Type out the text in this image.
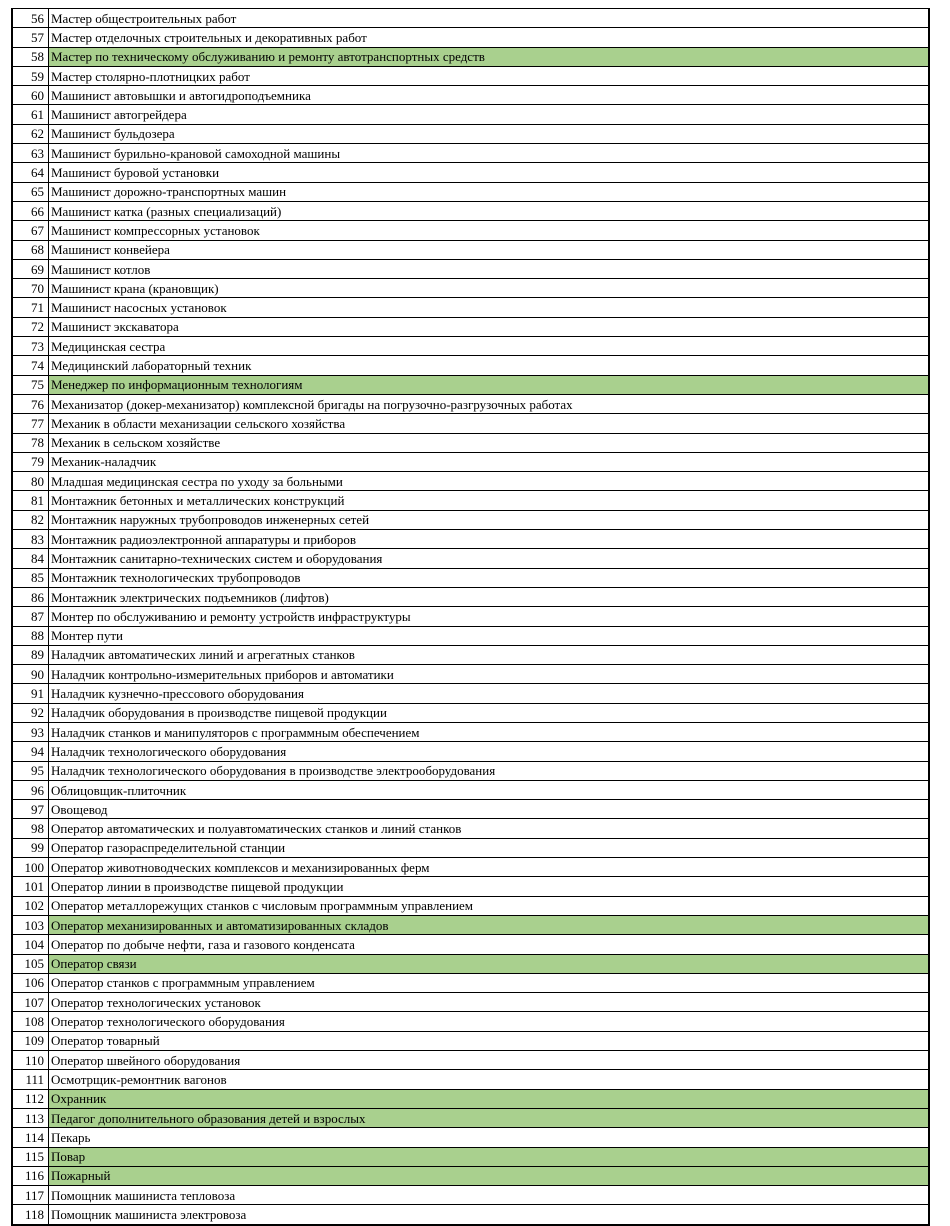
56	Мастер общестроительных работ
57	Мастер отделочных строительных и декоративных работ
58	Мастер по техническому обслуживанию и ремонту автотранспортных средств
59	Мастер столярно-плотницких работ
60	Машинист автовышки и автогидроподъемника
61	Машинист автогрейдера
62	Машинист бульдозера
63	Машинист бурильно-крановой самоходной машины
64	Машинист буровой установки
65	Машинист дорожно-транспортных машин
66	Машинист катка (разных специализаций)
67	Машинист компрессорных установок
68	Машинист конвейера
69	Машинист котлов
70	Машинист крана (крановщик)
71	Машинист насосных установок
72	Машинист экскаватора
73	Медицинская сестра
74	Медицинский лабораторный техник
75	Менеджер по информационным технологиям
76	Механизатор (докер-механизатор) комплексной бригады на погрузочно-разгрузочных работах
77	Механик в области механизации сельского хозяйства
78	Механик в сельском хозяйстве
79	Механик-наладчик
80	Младшая медицинская сестра по уходу за больными
81	Монтажник бетонных и металлических конструкций
82	Монтажник наружных трубопроводов инженерных сетей
83	Монтажник радиоэлектронной аппаратуры и приборов
84	Монтажник санитарно-технических систем и оборудования
85	Монтажник технологических трубопроводов
86	Монтажник электрических подъемников (лифтов)
87	Монтер по обслуживанию и ремонту устройств инфраструктуры
88	Монтер пути
89	Наладчик автоматических линий и агрегатных станков
90	Наладчик контрольно-измерительных приборов и автоматики
91	Наладчик кузнечно-прессового оборудования
92	Наладчик оборудования в производстве пищевой продукции
93	Наладчик станков и манипуляторов с программным обеспечением
94	Наладчик технологического оборудования
95	Наладчик технологического оборудования в производстве электрооборудования
96	Облицовщик-плиточник
97	Овощевод
98	Оператор автоматических и полуавтоматических станков и линий станков
99	Оператор газораспределительной станции
100	Оператор животноводческих комплексов и механизированных ферм
101	Оператор линии в производстве пищевой продукции
102	Оператор металлорежущих станков с числовым программным управлением
103	Оператор механизированных и автоматизированных складов
104	Оператор по добыче нефти, газа и газового конденсата
105	Оператор связи
106	Оператор станков с программным управлением
107	Оператор технологических установок
108	Оператор технологического оборудования
109	Оператор товарный
110	Оператор швейного оборудования
111	Осмотрщик-ремонтник вагонов
112	Охранник
113	Педагог дополнительного образования детей и взрослых
114	Пекарь
115	Повар
116	Пожарный
117	Помощник машиниста тепловоза
118	Помощник машиниста электровоза
